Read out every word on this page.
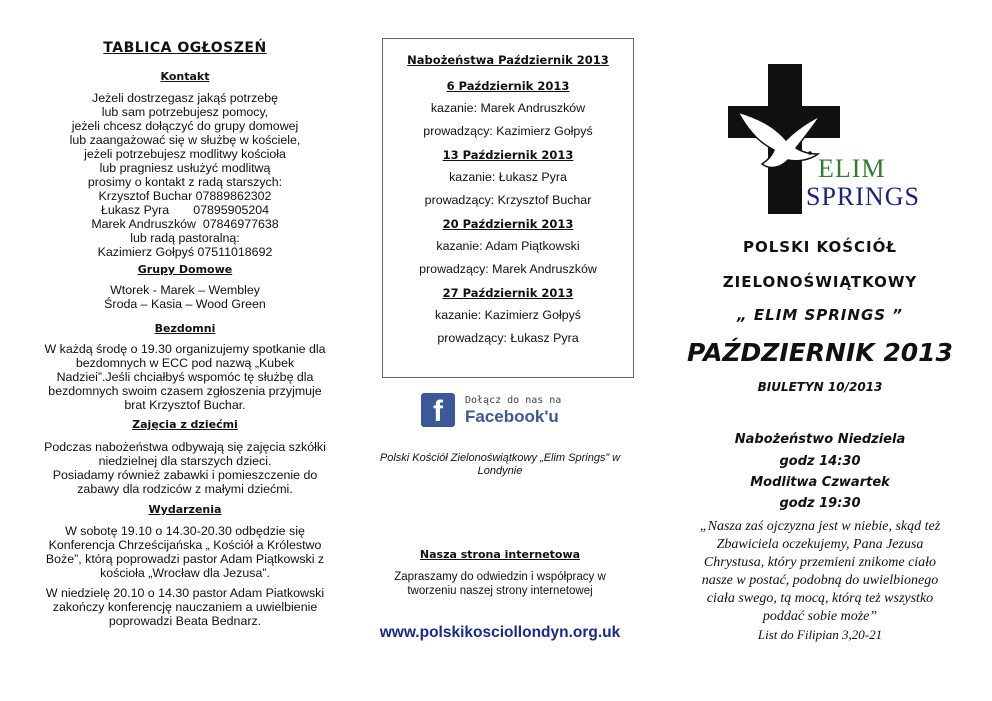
TABLICA OGŁOSZEŃ
Kontakt

Jeżeli dostrzegasz jakąś potrzebę

lub sam potrzebujesz pomocy,

jeżeli chcesz dołączyć do grupy domowej

lub zaangażować się w służbę w kościele,

jeżeli potrzebujesz modlitwy kościoła

lub pragniesz usłużyć modlitwą

prosimy o kontakt z radą starszych:

Krzysztof Buchar 07889862302

Łukasz Pyra       07895905204

Marek Andruszków  07846977638

lub radą pastoralną:

Kazimierz Gołpyś 07511018692

Grupy Domowe

Wtorek - Marek – Wembley

Środa – Kasia – Wood Green

Bezdomni

W każdą środę o 19.30 organizujemy spotkanie dla

bezdomnych w ECC pod nazwą „Kubek

Nadziei”.Jeśli chciałbyś wspomóc tę służbę dla

bezdomnych swoim czasem zgłoszenia przyjmuje

brat Krzysztof Buchar.

Zajęcia z dziećmi

Podczas nabożeństwa odbywają się zajęcia szkółki

niedzielnej dla starszych dzieci.

Posiadamy również zabawki i pomieszczenie do

zabawy dla rodziców z małymi dziećmi.

Wydarzenia

W sobotę 19.10 o 14.30-20.30 odbędzie się

Konferencja Chrześcijańska „ Kościół a Królestwo

Boże”, którą poprowadzi pastor Adam Piątkowski z

kościoła „Wrocław dla Jezusa”.

W niedzielę 20.10 o 14.30 pastor Adam Piatkowski

zakończy konferencję nauczaniem a uwielbienie

poprowadzi Beata Bednarz.

Nabożeństwa Październik 2013

6 Październik 2013

kazanie: Marek Andruszków

prowadzący: Kazimierz Gołpyś

13 Październik 2013

kazanie: Łukasz Pyra

prowadzący: Krzysztof Buchar

20 Październik 2013

kazanie: Adam Piątkowski

prowadzący: Marek Andruszków

27 Październik 2013

kazanie: Kazimierz Gołpyś

prowadzący: Łukasz Pyra

f	Dołącz do nas na
Facebook'u
Polski Kościół Zielonoświątkowy „Elim Springs” w Londynie
Nasza strona internetowa
Zapraszamy do odwiedzin i współpracy w tworzeniu naszej strony internetowej
www.polskikosciollondyn.org.uk
ELIM
SPRINGS
POLSKI KOŚCIÓŁ
ZIELONOŚWIĄTKOWY
„ ELIM SPRINGS ”
PAŹDZIERNIK 2013
BIULETYN 10/2013
Nabożeństwo Niedziela
godz 14:30
Modlitwa Czwartek
godz 19:30
„Nasza zaś ojczyzna jest w niebie, skąd też
Zbawiciela oczekujemy, Pana Jezusa
Chrystusa, który przemieni znikome ciało
nasze w postać, podobną do uwielbionego
ciała swego, tą mocą, którą też wszystko
poddać sobie może”
List do Filipian 3,20-21
